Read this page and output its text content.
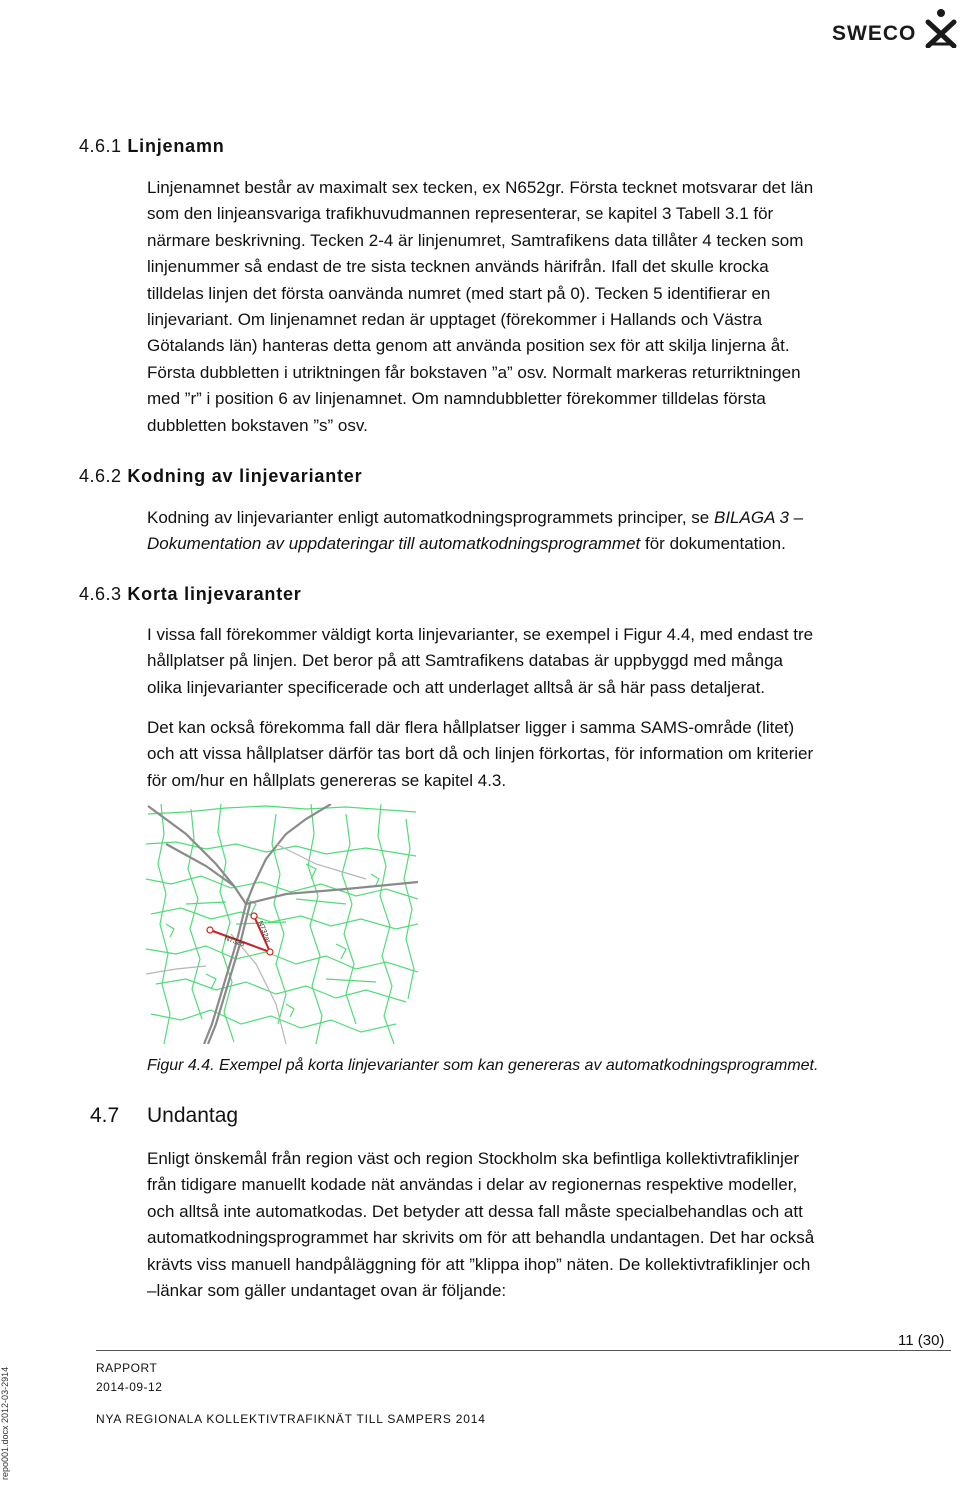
SWECO
4.6.1 Linjenamn
Linjenamnet består av maximalt sex tecken, ex N652gr. Första tecknet motsvarar det län
som den linjeansvariga trafikhuvudmannen representerar, se kapitel 3 Tabell 3.1 för
närmare beskrivning. Tecken 2-4 är linjenumret, Samtrafikens data tillåter 4 tecken som
linjenummer så endast de tre sista tecknen används härifrån. Ifall det skulle krocka
tilldelas linjen det första oanvända numret (med start på 0). Tecken 5 identifierar en
linjevariant. Om linjenamnet redan är upptaget (förekommer i Hallands och Västra
Götalands län) hanteras detta genom att använda position sex för att skilja linjerna åt.
Första dubbletten i utriktningen får bokstaven ”a” osv. Normalt markeras returriktningen
med ”r” i position 6 av linjenamnet. Om namndubbletter förekommer tilldelas första
dubbletten bokstaven ”s” osv.
4.6.2 Kodning av linjevarianter
Kodning av linjevarianter enligt automatkodningsprogrammets principer, se BILAGA 3 –
Dokumentation av uppdateringar till automatkodningsprogrammet för dokumentation.
4.6.3 Korta linjevaranter
I vissa fall förekommer väldigt korta linjevarianter, se exempel i Figur 4.4, med endast tre
hållplatser på linjen. Det beror på att Samtrafikens databas är uppbyggd med många
olika linjevarianter specificerade och att underlaget alltså är så här pass detaljerat.
Det kan också förekomma fall där flera hållplatser ligger i samma SAMS-område (litet)
och att vissa hållplatser därför tas bort då och linjen förkortas, för information om kriterier
för om/hur en hållplats genereras se kapitel 4.3.
N732ar
N732a
Figur 4.4. Exempel på korta linjevarianter som kan genereras av automatkodningsprogrammet.
4.7 Undantag
Enligt önskemål från region väst och region Stockholm ska befintliga kollektivtrafiklinjer
från tidigare manuellt kodade nät användas i delar av regionernas respektive modeller,
och alltså inte automatkodas. Det betyder att dessa fall måste specialbehandlas och att
automatkodningsprogrammet har skrivits om för att behandla undantagen. Det har också
krävts viss manuell handpåläggning för att ”klippa ihop” näten. De kollektivtrafiklinjer och
–länkar som gäller undantaget ovan är följande:
11 (30)
RAPPORT
2014-09-12
NYA REGIONALA KOLLEKTIVTRAFIKNÄT TILL SAMPERS 2014
repo001.docx 2012-03-2914
